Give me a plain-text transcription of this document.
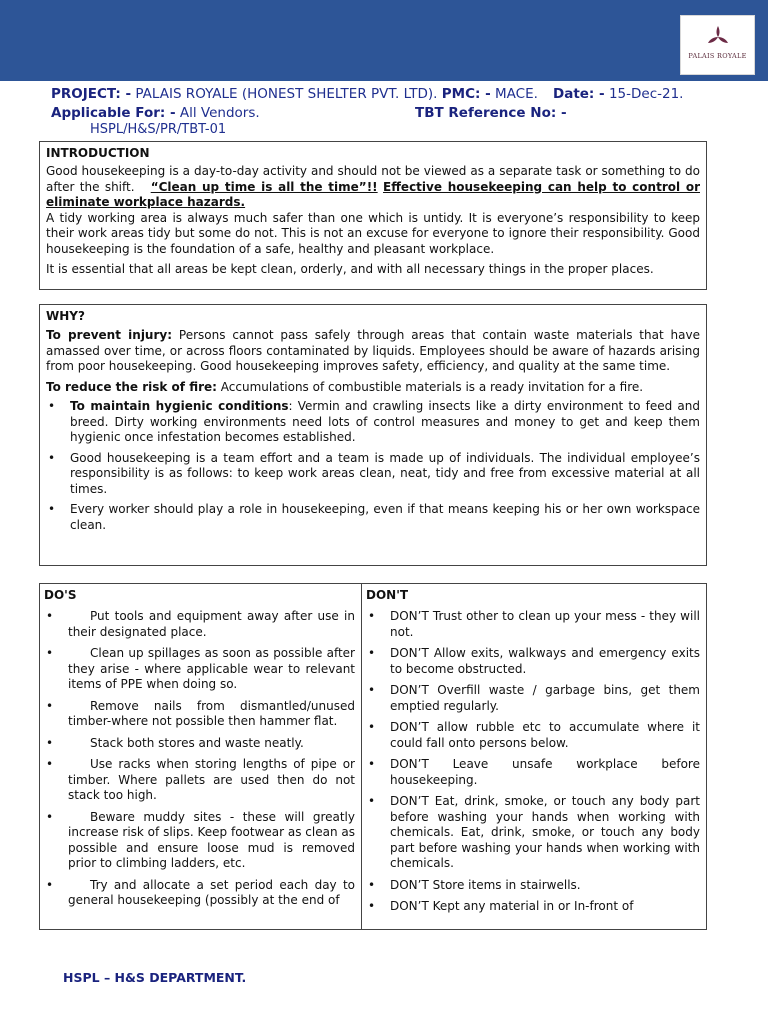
PALAIS ROYALE
PROJECT: - PALAIS ROYALE (HONEST SHELTER PVT. LTD). PMC: - MACE. Date: - 15-Dec-21.
Applicable For: - All Vendors.	TBT Reference No: -
HSPL/H&S/PR/TBT-01
INTRODUCTION

Good housekeeping is a day-to-day activity and should not be viewed as a separate task or something to do after the shift. “Clean up time is all the time”!! Effective housekeeping can help to control or eliminate workplace hazards.

A tidy working area is always much safer than one which is untidy. It is everyone’s responsibility to keep their work areas tidy but some do not. This is not an excuse for everyone to ignore their responsibility. Good housekeeping is the foundation of a safe, healthy and pleasant workplace.

It is essential that all areas be kept clean, orderly, and with all necessary things in the proper places.

WHY?

To prevent injury: Persons cannot pass safely through areas that contain waste materials that have amassed over time, or across floors contaminated by liquids. Employees should be aware of hazards arising from poor housekeeping. Good housekeeping improves safety, efficiency, and quality at the same time.

To reduce the risk of fire: Accumulations of combustible materials is a ready invitation for a fire.

• To maintain hygienic conditions: Vermin and crawling insects like a dirty environment to feed and breed. Dirty working environments need lots of control measures and money to get and keep them hygienic once infestation becomes established.
• Good housekeeping is a team effort and a team is made up of individuals. The individual employee’s responsibility is as follows: to keep work areas clean, neat, tidy and free from excessive material at all times.
• Every worker should play a role in housekeeping, even if that means keeping his or her own workspace clean.
DO'S
• Put tools and equipment away after use in their designated place.
• Clean up spillages as soon as possible after they arise - where applicable wear to relevant items of PPE when doing so.
• Remove nails from dismantled/unused timber-where not possible then hammer flat.
• Stack both stores and waste neatly.
• Use racks when storing lengths of pipe or timber. Where pallets are used then do not stack too high.
• Beware muddy sites - these will greatly increase risk of slips. Keep footwear as clean as possible and ensure loose mud is removed prior to climbing ladders, etc.
• Try and allocate a set period each day to general housekeeping (possibly at the end of
DON'T
• DON’T Trust other to clean up your mess - they will not.
• DON’T Allow exits, walkways and emergency exits to become obstructed.
• DON’T Overfill waste / garbage bins, get them emptied regularly.
• DON’T allow rubble etc to accumulate where it could fall onto persons below.
• DON’T Leave unsafe workplace before housekeeping.
• DON’T Eat, drink, smoke, or touch any body part before washing your hands when working with chemicals. Eat, drink, smoke, or touch any body part before washing your hands when working with chemicals.
• DON’T Store items in stairwells.
• DON’T Kept any material in or In-front of
HSPL – H&S DEPARTMENT.
